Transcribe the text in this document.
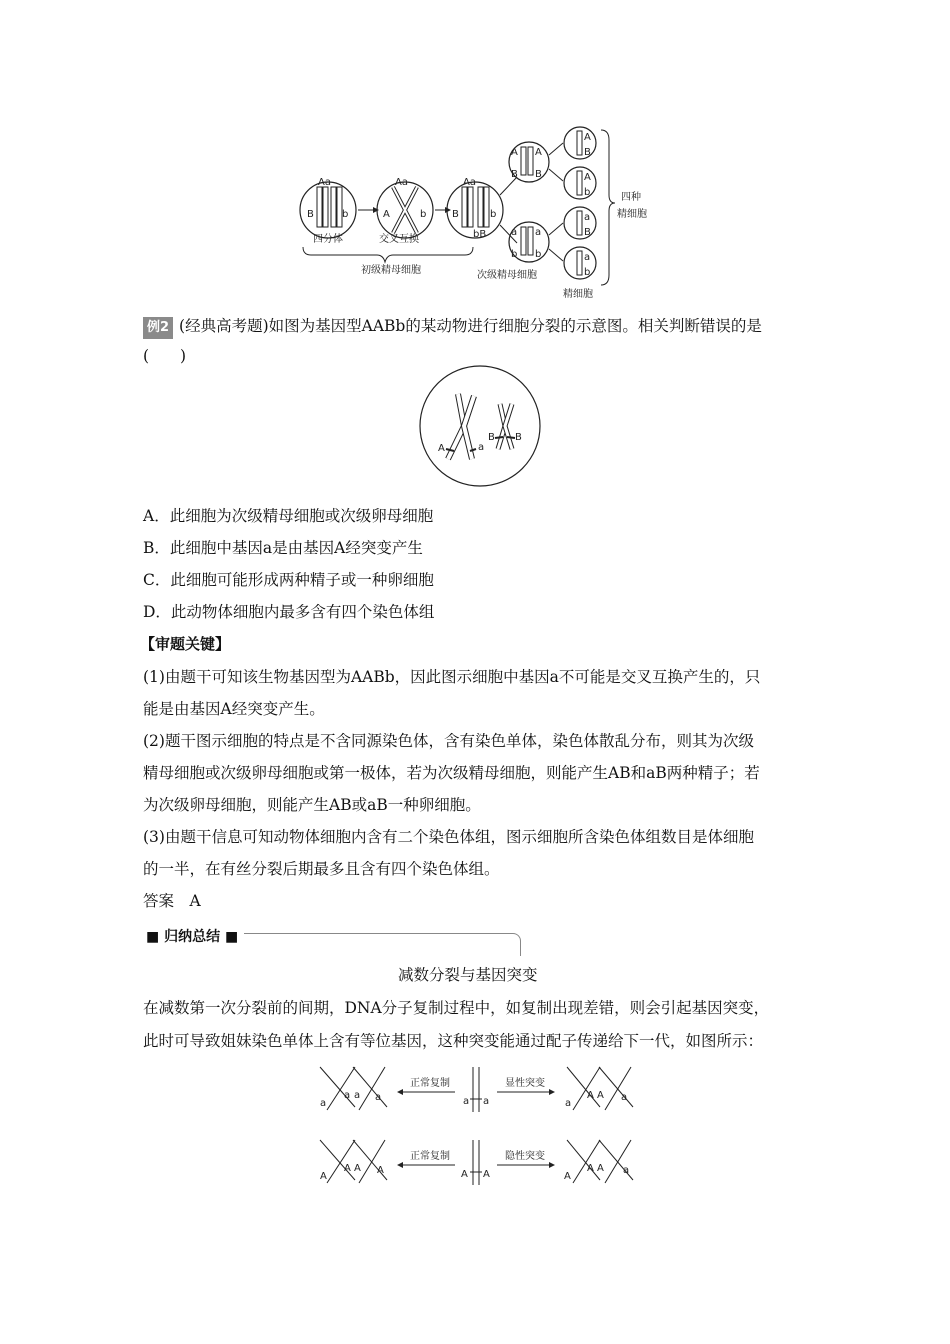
Aa
B	b
Aa
A	b
Aa
B	b
bB
A A
B B
a a
b b
A
B
A
b
a
B
a
b
四种
精细胞
四分体	交叉互换
初级精母细胞	次级精母细胞
精细胞
例2 (经典高考题)如图为基因型AABb的某动物进行细胞分裂的示意图。相关判断错误的是
(　　)
A	a
B B
A．此细胞为次级精母细胞或次级卵母细胞
B．此细胞中基因a是由基因A经突变产生
C．此细胞可能形成两种精子或一种卵细胞
D．此动物体细胞内最多含有四个染色体组
【审题关键】
(1)由题干可知该生物基因型为AABb，因此图示细胞中基因a不可能是交叉互换产生的，只
能是由基因A经突变产生。
(2)题干图示细胞的特点是不含同源染色体，含有染色单体，染色体散乱分布，则其为次级
精母细胞或次级卵母细胞或第一极体，若为次级精母细胞，则能产生AB和aB两种精子；若
为次级卵母细胞，则能产生AB或aB一种卵细胞。
(3)由题干信息可知动物体细胞内含有二个染色体组，图示细胞所含染色体组数目是体细胞
的一半，在有丝分裂后期最多且含有四个染色体组。
答案　A
■ 归纳总结 ■
减数分裂与基因突变
在减数第一次分裂前的间期，DNA分子复制过程中，如复制出现差错，则会引起基因突变，
此时可导致姐妹染色单体上含有等位基因，这种突变能通过配子传递给下一代，如图所示：
a
a a a
正常复制
a a
显性突变
a
A A a
A
A A A
正常复制
A A
隐性突变
A
A A a
